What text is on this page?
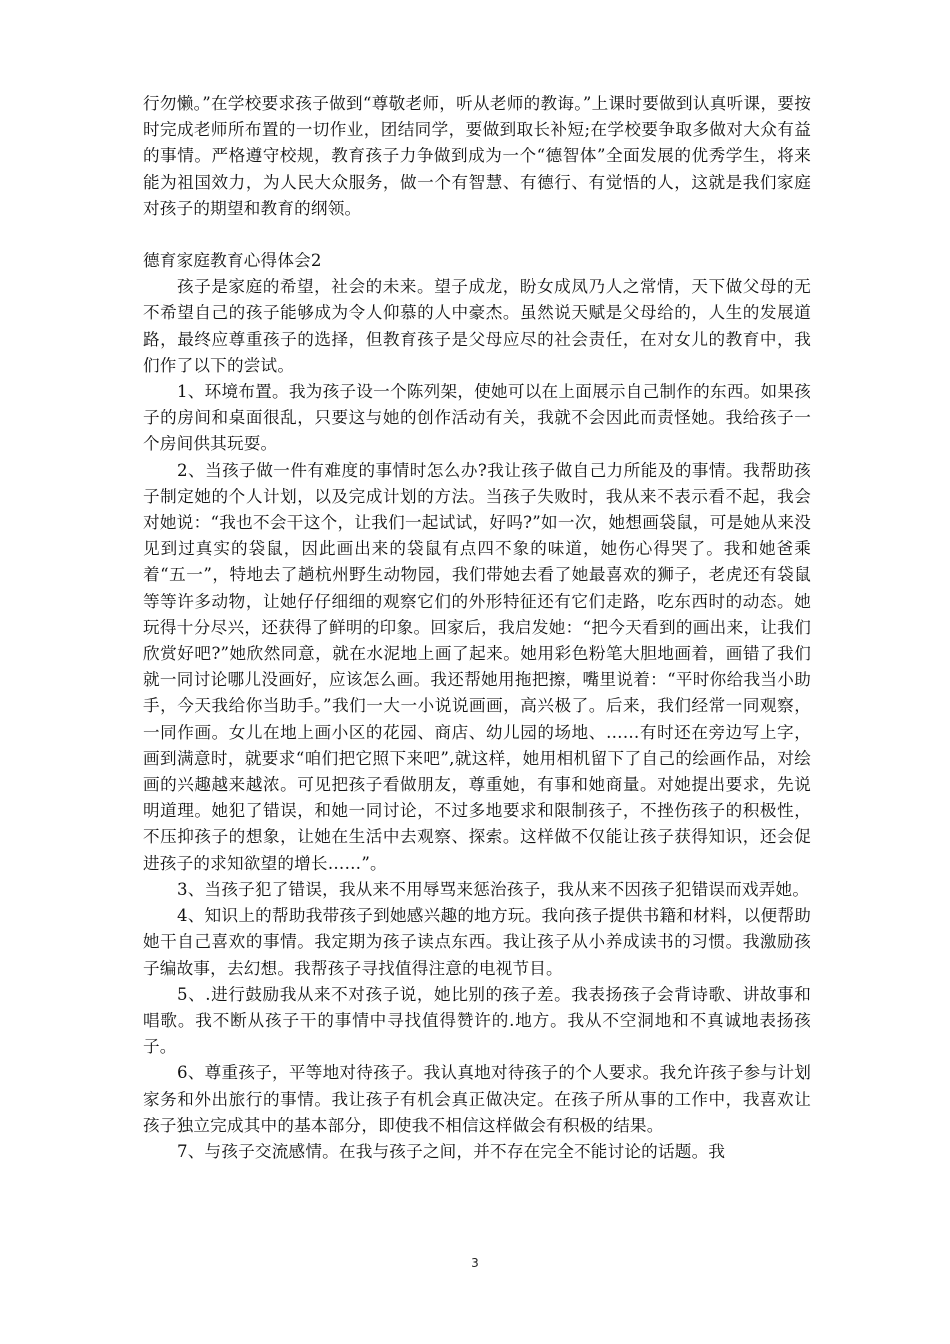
行勿懒。”在学校要求孩子做到“尊敬老师，听从老师的教诲。”上课时要做到认真听课，要按时完成老师所布置的一切作业，团结同学，要做到取长补短;在学校要争取多做对大众有益的事情。严格遵守校规，教育孩子力争做到成为一个“德智体”全面发展的优秀学生，将来能为祖国效力，为人民大众服务，做一个有智慧、有德行、有觉悟的人，这就是我们家庭对孩子的期望和教育的纲领。

德育家庭教育心得体会2

孩子是家庭的希望，社会的未来。望子成龙，盼女成凤乃人之常情，天下做父母的无不希望自己的孩子能够成为令人仰慕的人中豪杰。虽然说天赋是父母给的，人生的发展道路，最终应尊重孩子的选择，但教育孩子是父母应尽的社会责任，在对女儿的教育中，我们作了以下的尝试。

1、环境布置。我为孩子设一个陈列架，使她可以在上面展示自己制作的东西。如果孩子的房间和桌面很乱，只要这与她的创作活动有关，我就不会因此而责怪她。我给孩子一个房间供其玩耍。

2、当孩子做一件有难度的事情时怎么办?我让孩子做自己力所能及的事情。我帮助孩子制定她的个人计划，以及完成计划的方法。当孩子失败时，我从来不表示看不起，我会对她说：“我也不会干这个，让我们一起试试，好吗?”如一次，她想画袋鼠，可是她从来没见到过真实的袋鼠，因此画出来的袋鼠有点四不象的味道，她伤心得哭了。我和她爸乘着“五一”，特地去了趟杭州野生动物园，我们带她去看了她最喜欢的狮子，老虎还有袋鼠等等许多动物，让她仔仔细细的观察它们的外形特征还有它们走路，吃东西时的动态。她玩得十分尽兴，还获得了鲜明的印象。回家后，我启发她：“把今天看到的画出来，让我们欣赏好吧?”她欣然同意，就在水泥地上画了起来。她用彩色粉笔大胆地画着，画错了我们就一同讨论哪儿没画好，应该怎么画。我还帮她用拖把擦，嘴里说着：“平时你给我当小助手，今天我给你当助手。”我们一大一小说说画画，高兴极了。后来，我们经常一同观察，一同作画。女儿在地上画小区的花园、商店、幼儿园的场地、……有时还在旁边写上字，画到满意时，就要求“咱们把它照下来吧”,就这样，她用相机留下了自己的绘画作品，对绘画的兴趣越来越浓。可见把孩子看做朋友，尊重她，有事和她商量。对她提出要求，先说明道理。她犯了错误，和她一同讨论，不过多地要求和限制孩子，不挫伤孩子的积极性，不压抑孩子的想象，让她在生活中去观察、探索。这样做不仅能让孩子获得知识，还会促进孩子的求知欲望的增长……”。

3、当孩子犯了错误，我从来不用辱骂来惩治孩子，我从来不因孩子犯错误而戏弄她。

4、知识上的帮助我带孩子到她感兴趣的地方玩。我向孩子提供书籍和材料，以便帮助她干自己喜欢的事情。我定期为孩子读点东西。我让孩子从小养成读书的习惯。我激励孩子编故事，去幻想。我帮孩子寻找值得注意的电视节目。

5、.进行鼓励我从来不对孩子说，她比别的孩子差。我表扬孩子会背诗歌、讲故事和唱歌。我不断从孩子干的事情中寻找值得赞许的.地方。我从不空洞地和不真诚地表扬孩子。

6、尊重孩子，平等地对待孩子。我认真地对待孩子的个人要求。我允许孩子参与计划家务和外出旅行的事情。我让孩子有机会真正做决定。在孩子所从事的工作中，我喜欢让孩子独立完成其中的基本部分，即使我不相信这样做会有积极的结果。

7、与孩子交流感情。在我与孩子之间，并不存在完全不能讨论的话题。我

3
